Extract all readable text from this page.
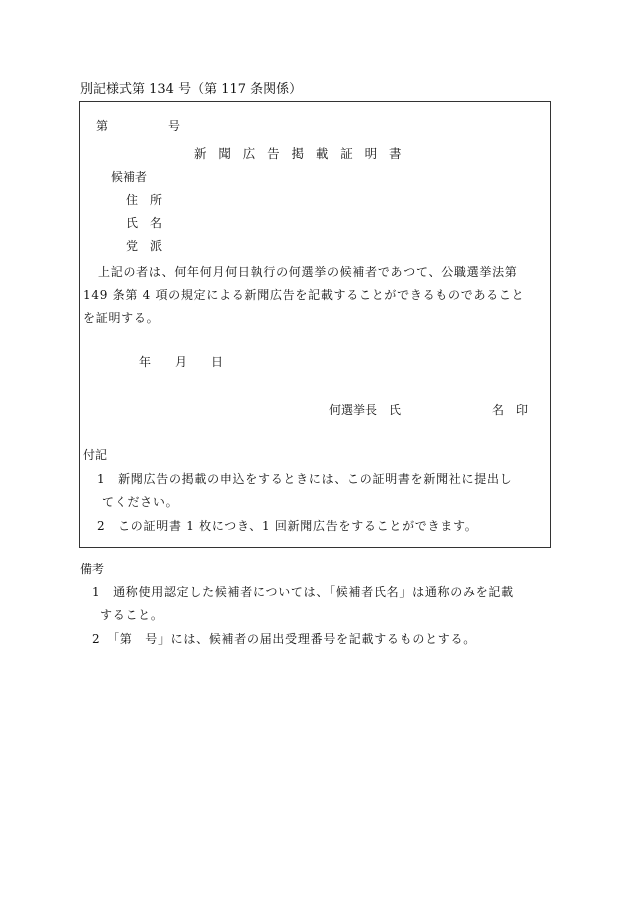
別記様式第 134 号（第 117 条関係）
第　　　　　号
新聞広告掲載証明書
候補者
住　所
氏　名
党　派
上記の者は、何年何月何日執行の何選挙の候補者であつて、公職選挙法第
149 条第 4 項の規定による新聞広告を記載することができるものであること
を証明する。
年　　月　　日
何選挙長　氏	名　印
付記
1　新聞広告の掲載の申込をするときには、この証明書を新聞社に提出し
てください。
2　この証明書 1 枚につき、1 回新聞広告をすることができます。
備考
1　通称使用認定した候補者については、「候補者氏名」は通称のみを記載
すること。
2　「第　号」には、候補者の届出受理番号を記載するものとする。
